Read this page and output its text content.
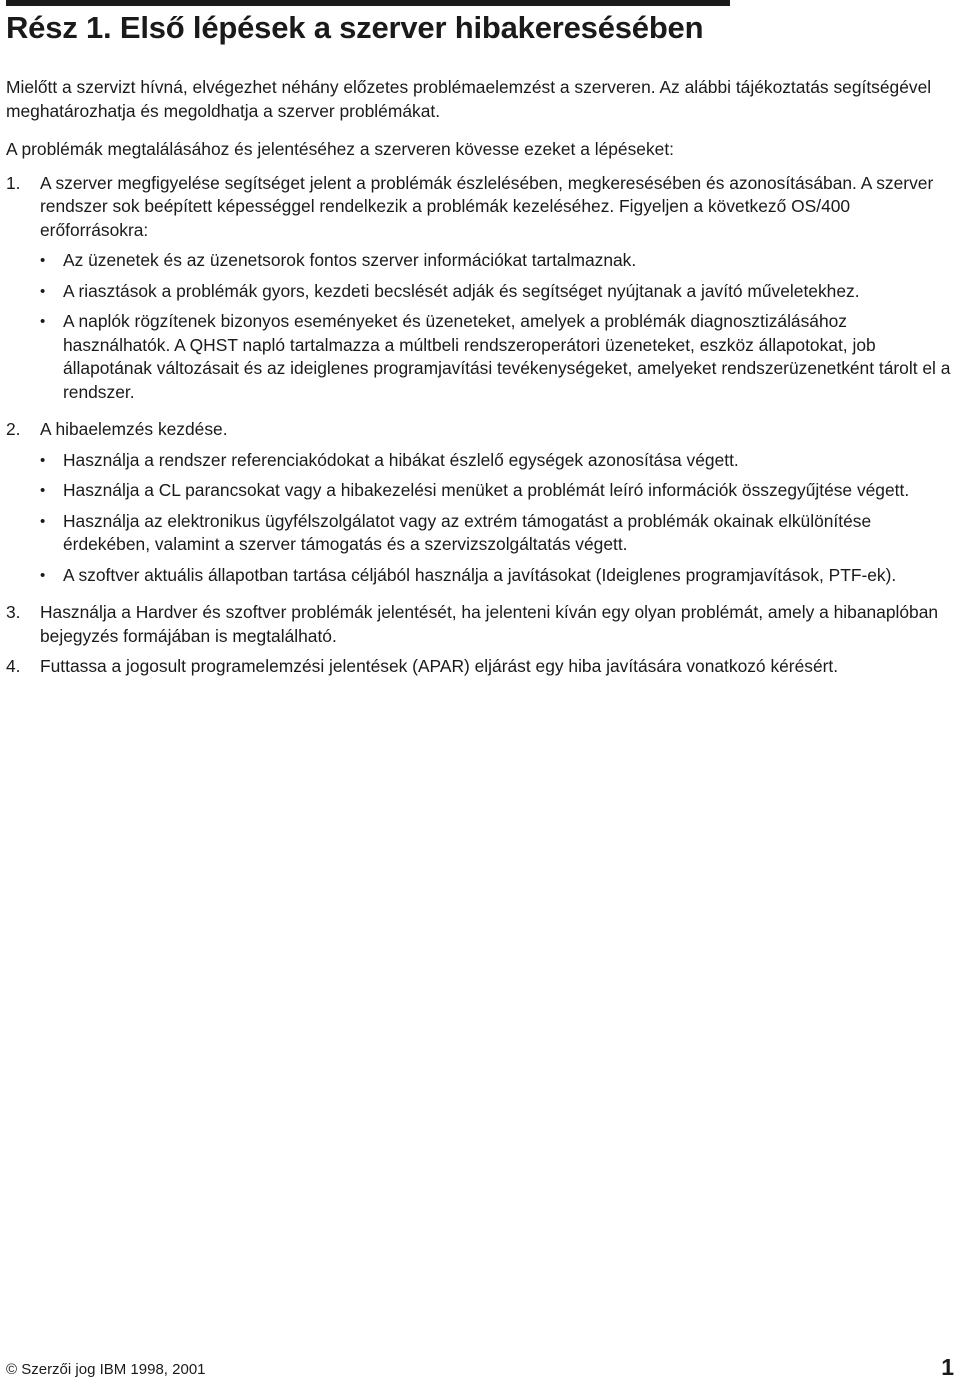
Rész 1. Első lépések a szerver hibakeresésében

Mielőtt a szervizt hívná, elvégezhet néhány előzetes problémaelemzést a szerveren. Az alábbi tájékoztatás segítségével meghatározhatja és megoldhatja a szerver problémákat.

A problémák megtalálásához és jelentéséhez a szerveren kövesse ezeket a lépéseket:

1.	A szerver megfigyelése segítséget jelent a problémák észlelésében, megkeresésében és azonosításában. A szerver rendszer sok beépített képességgel rendelkezik a problémák kezeléséhez. Figyeljen a következő OS/400 erőforrásokra:
•	Az üzenetek és az üzenetsorok fontos szerver információkat tartalmaznak.
•	A riasztások a problémák gyors, kezdeti becslését adják és segítséget nyújtanak a javító műveletekhez.
•	A naplók rögzítenek bizonyos eseményeket és üzeneteket, amelyek a problémák diagnosztizálásához használhatók. A QHST napló tartalmazza a múltbeli rendszeroperátori üzeneteket, eszköz állapotokat, job állapotának változásait és az ideiglenes programjavítási tevékenységeket, amelyeket rendszerüzenetként tárolt el a rendszer.
2.	A hibaelemzés kezdése.
•	Használja a rendszer referenciakódokat a hibákat észlelő egységek azonosítása végett.
•	Használja a CL parancsokat vagy a hibakezelési menüket a problémát leíró információk összegyűjtése végett.
•	Használja az elektronikus ügyfélszolgálatot vagy az extrém támogatást a problémák okainak elkülönítése érdekében, valamint a szerver támogatás és a szervizszolgáltatás végett.
•	A szoftver aktuális állapotban tartása céljából használja a javításokat (Ideiglenes programjavítások, PTF-ek).
3.	Használja a Hardver és szoftver problémák jelentését, ha jelenteni kíván egy olyan problémát, amely a hibanaplóban bejegyzés formájában is megtalálható.
4.	Futtassa a jogosult programelemzési jelentések (APAR) eljárást egy hiba javítására vonatkozó kérésért.
© Szerzői jog IBM 1998, 2001	1
